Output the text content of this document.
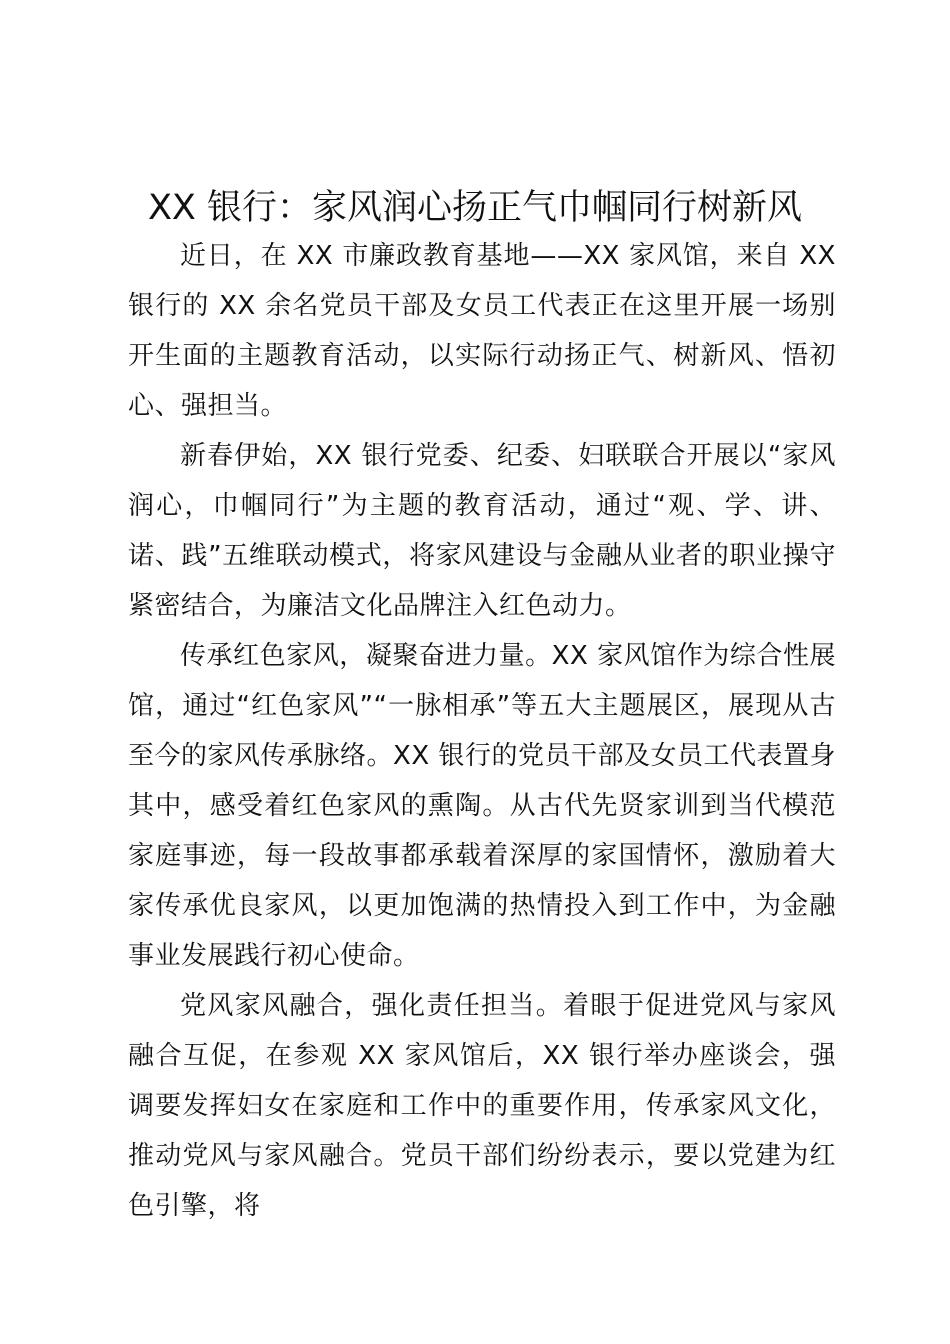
XX 银行：家风润心扬正气巾帼同行树新风

近日，在 XX 市廉政教育基地——XX 家风馆，来自 XX 银行的 XX 余名党员干部及女员工代表正在这里开展一场别开生面的主题教育活动，以实际行动扬正气、树新风、悟初心、强担当。

新春伊始，XX 银行党委、纪委、妇联联合开展以“家风润心，巾帼同行”为主题的教育活动，通过“观、学、讲、诺、践”五维联动模式，将家风建设与金融从业者的职业操守紧密结合，为廉洁文化品牌注入红色动力。

传承红色家风，凝聚奋进力量。XX 家风馆作为综合性展馆，通过“红色家风”“一脉相承”等五大主题展区，展现从古至今的家风传承脉络。XX 银行的党员干部及女员工代表置身其中，感受着红色家风的熏陶。从古代先贤家训到当代模范家庭事迹，每一段故事都承载着深厚的家国情怀，激励着大家传承优良家风，以更加饱满的热情投入到工作中，为金融事业发展践行初心使命。

党风家风融合，强化责任担当。着眼于促进党风与家风融合互促，在参观 XX 家风馆后，XX 银行举办座谈会，强调要发挥妇女在家庭和工作中的重要作用，传承家风文化，推动党风与家风融合。党员干部们纷纷表示，要以党建为红色引擎，将
